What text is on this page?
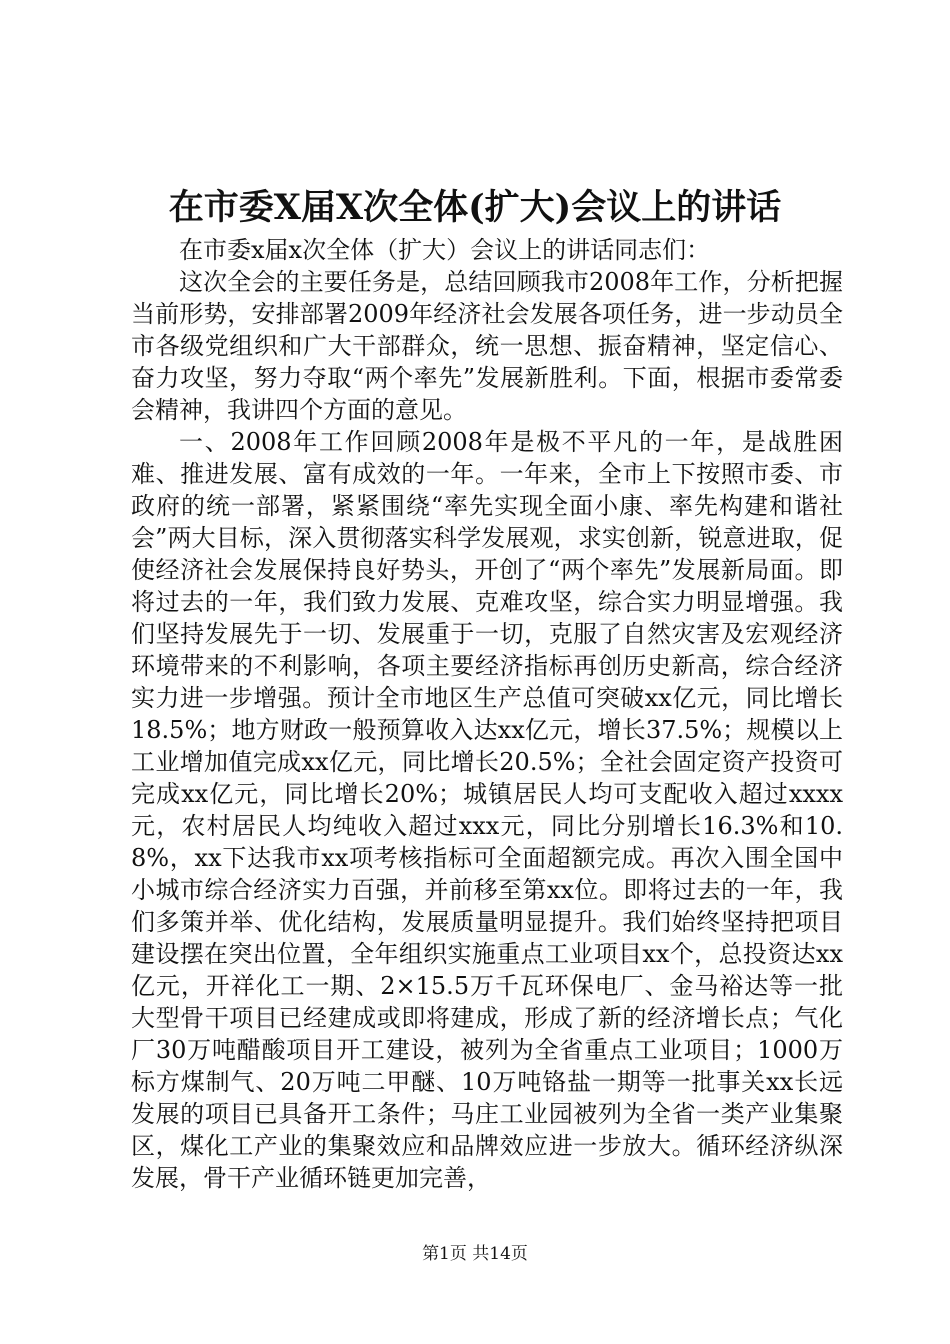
在市委X届X次全体(扩大)会议上的讲话

在市委x届x次全体（扩大）会议上的讲话同志们：

这次全会的主要任务是，总结回顾我市2008年工作，分析把握当前形势，安排部署2009年经济社会发展各项任务，进一步动员全市各级党组织和广大干部群众，统一思想、振奋精神，坚定信心、奋力攻坚，努力夺取“两个率先”发展新胜利。下面，根据市委常委会精神，我讲四个方面的意见。

一、2008年工作回顾2008年是极不平凡的一年，是战胜困难、推进发展、富有成效的一年。一年来，全市上下按照市委、市政府的统一部署，紧紧围绕“率先实现全面小康、率先构建和谐社会”两大目标，深入贯彻落实科学发展观，求实创新，锐意进取，促使经济社会发展保持良好势头，开创了“两个率先”发展新局面。即将过去的一年，我们致力发展、克难攻坚，综合实力明显增强。我们坚持发展先于一切、发展重于一切，克服了自然灾害及宏观经济环境带来的不利影响，各项主要经济指标再创历史新高，综合经济实力进一步增强。预计全市地区生产总值可突破xx亿元，同比增长18.5%；地方财政一般预算收入达xx亿元，增长37.5%；规模以上工业增加值完成xx亿元，同比增长20.5%；全社会固定资产投资可完成xx亿元，同比增长20%；城镇居民人均可支配收入超过xxxx元，农村居民人均纯收入超过xxx元，同比分别增长16.3%和10.8%，xx下达我市xx项考核指标可全面超额完成。再次入围全国中小城市综合经济实力百强，并前移至第xx位。即将过去的一年，我们多策并举、优化结构，发展质量明显提升。我们始终坚持把项目建设摆在突出位置，全年组织实施重点工业项目xx个，总投资达xx亿元，开祥化工一期、2×15.5万千瓦环保电厂、金马裕达等一批大型骨干项目已经建成或即将建成，形成了新的经济增长点；气化厂30万吨醋酸项目开工建设，被列为全省重点工业项目；1000万标方煤制气、20万吨二甲醚、10万吨铬盐一期等一批事关xx长远发展的项目已具备开工条件；马庄工业园被列为全省一类产业集聚区，煤化工产业的集聚效应和品牌效应进一步放大。循环经济纵深发展，骨干产业循环链更加完善，

第1页 共14页
